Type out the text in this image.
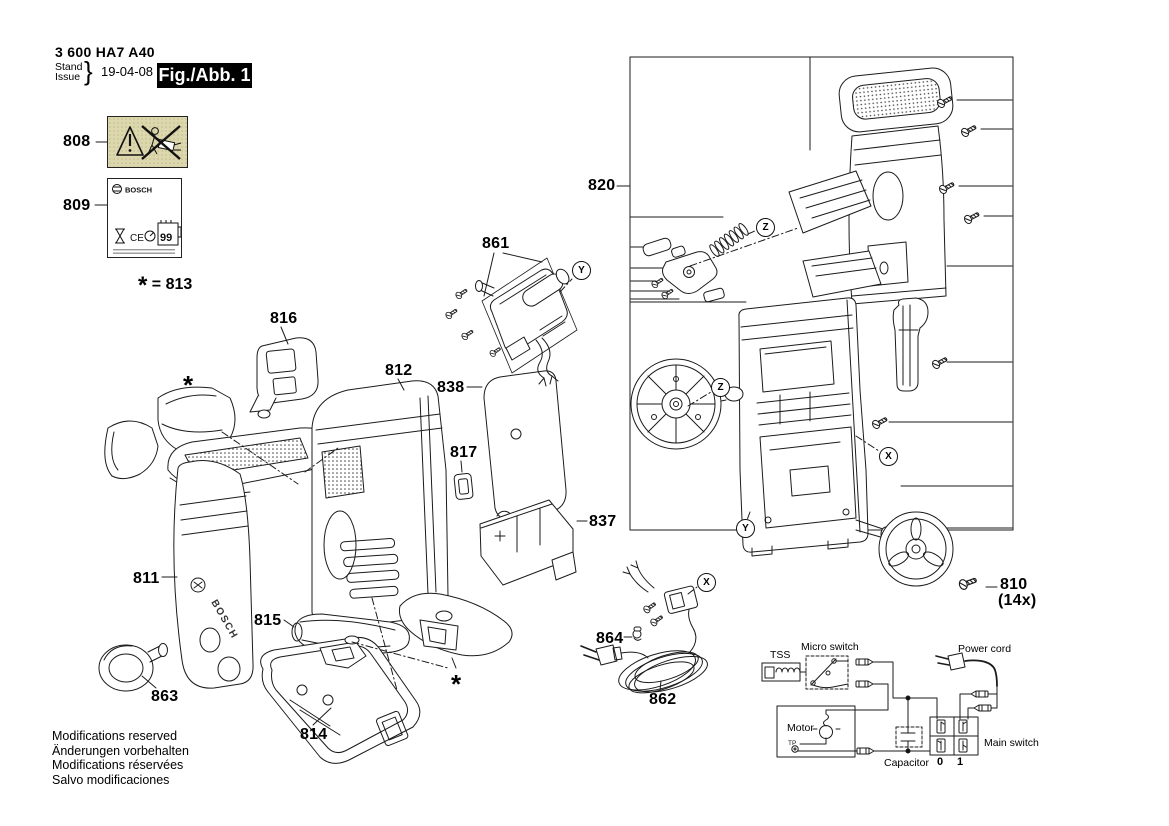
BOSCH
TP
3 600 HA7 A40
Stand
Issue } 19-04-08 Fig./Abb. 1
BOSCH
CE 99
808
809
* = 813
816
812
861
838
817
820
837
811
815
863
814
864
862
810
(14x)
*
*
Z
Y
Z
X
Y
X
TSS
Micro switch	Power cord
Motor
Capacitor
Main switch
0 1
Modifications reserved
Änderungen vorbehalten
Modifications réservées
Salvo modificaciones
